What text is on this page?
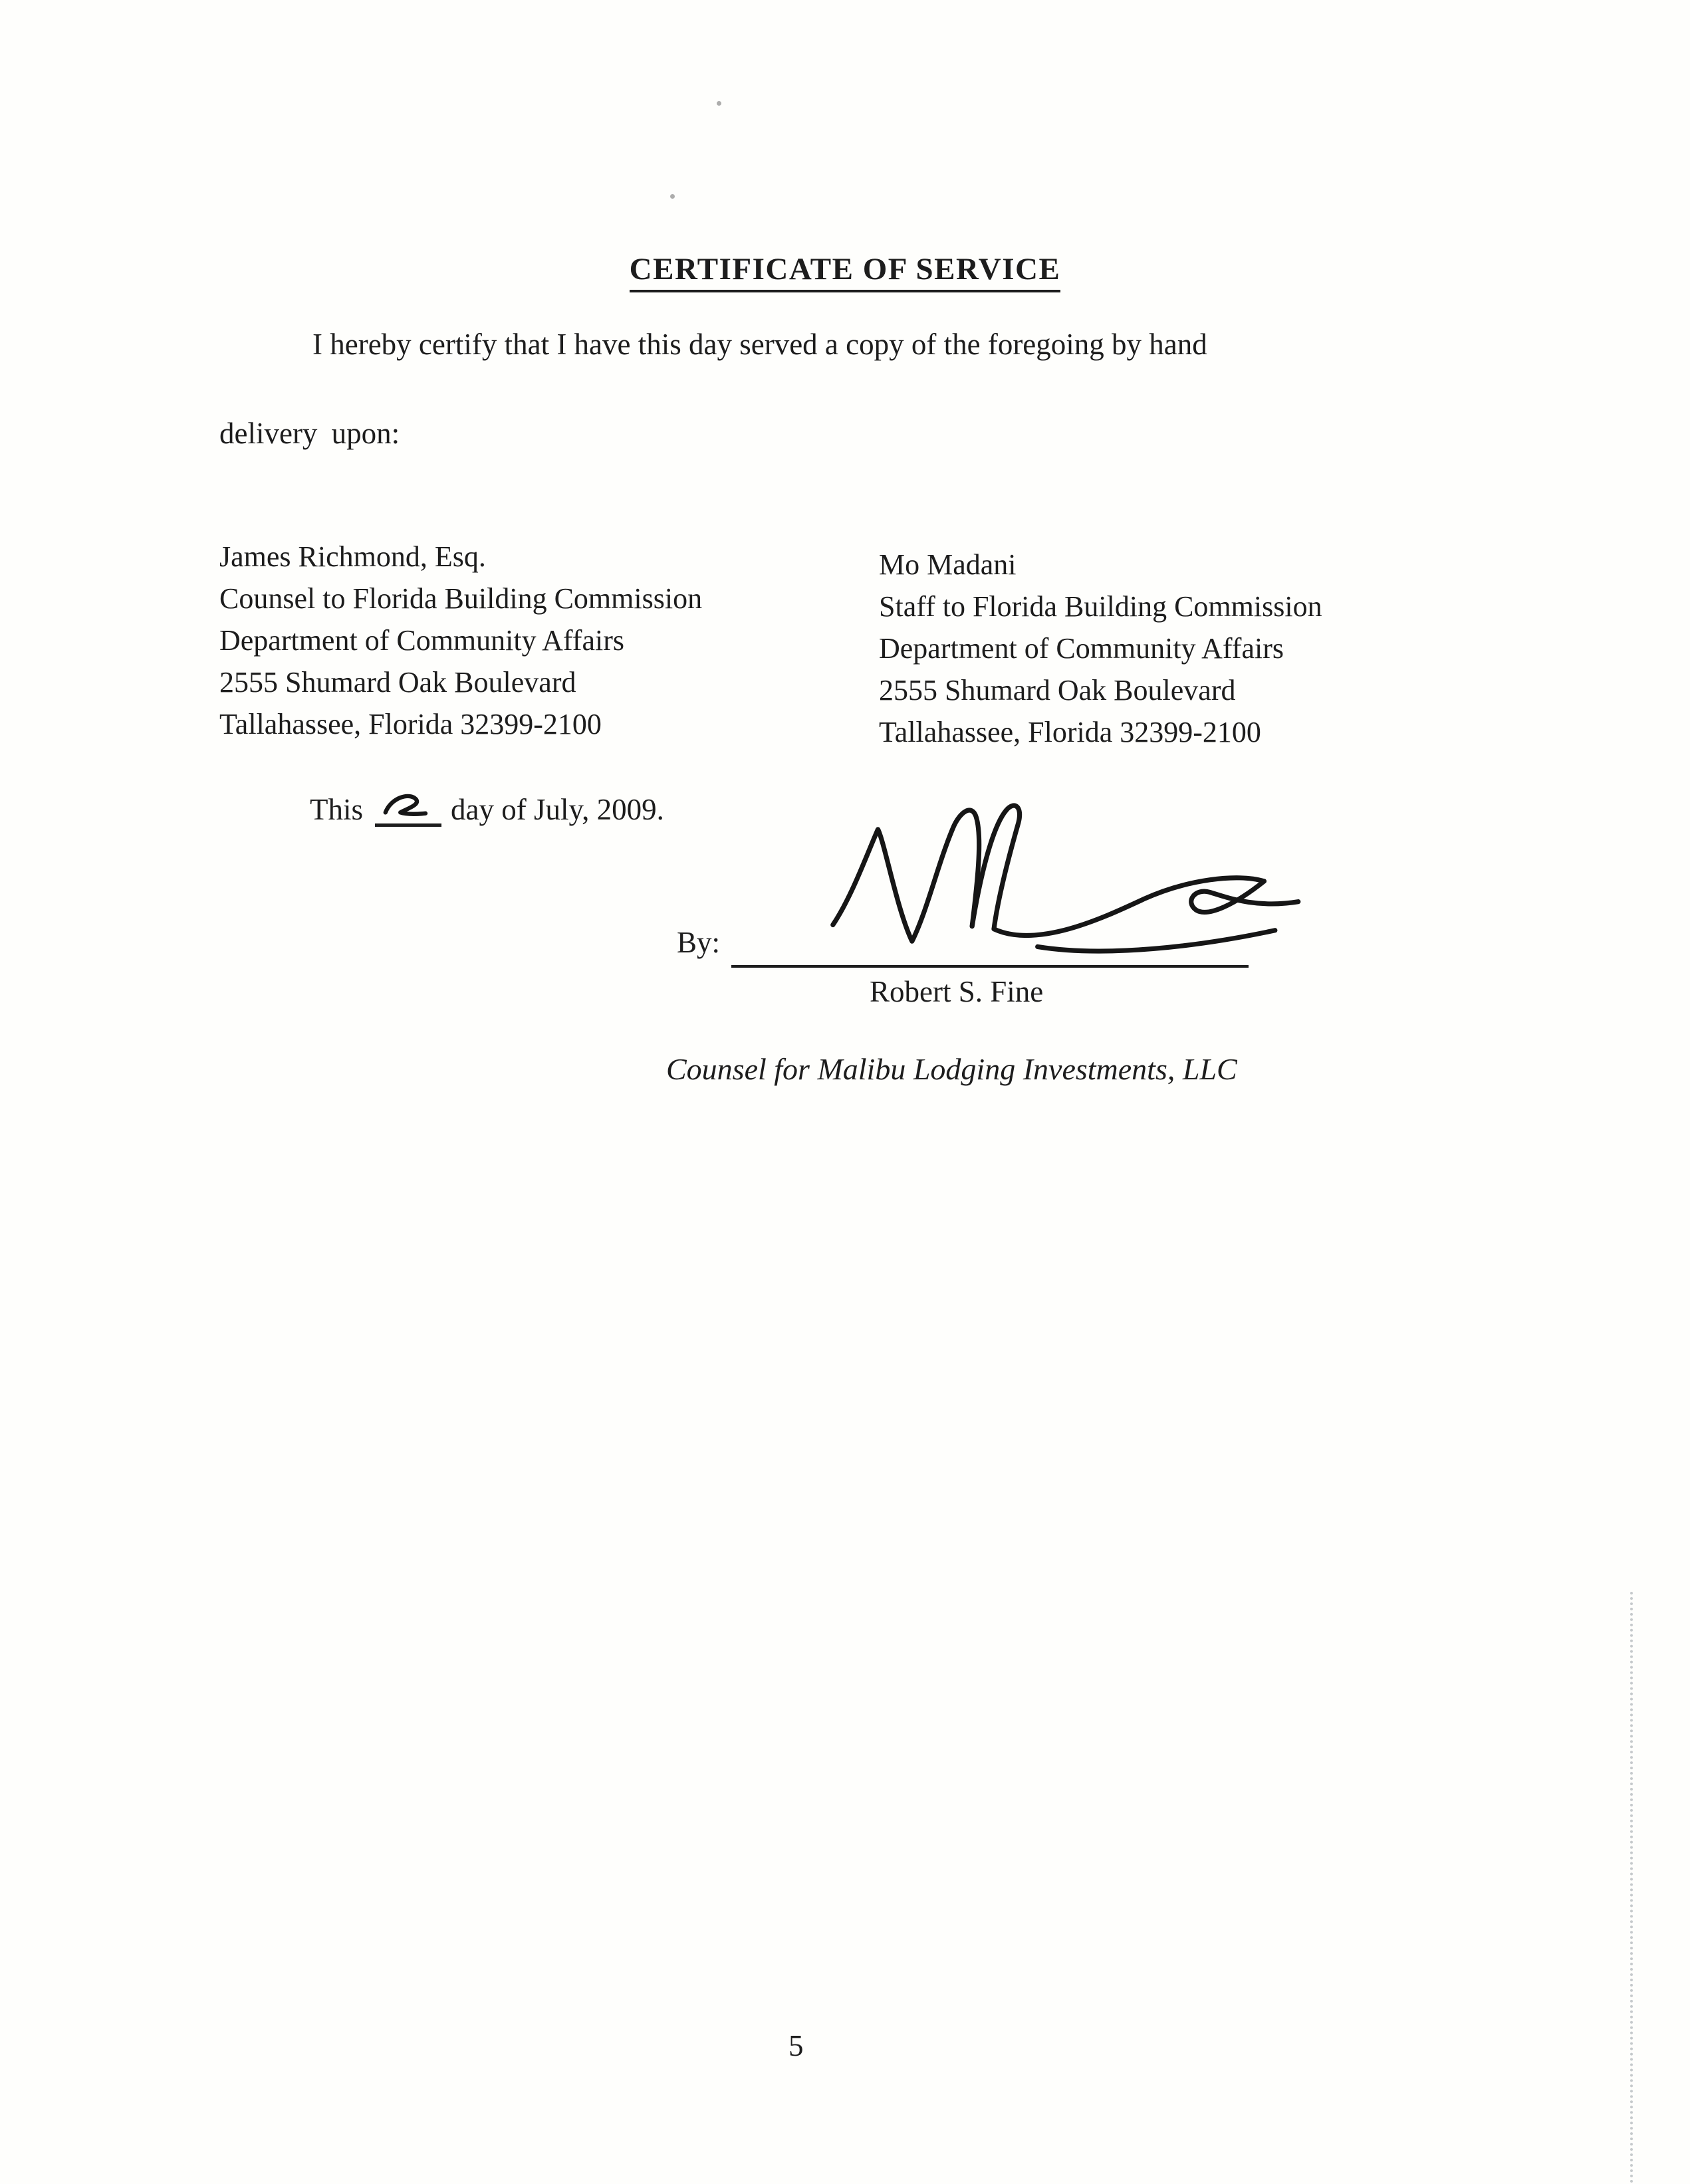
CERTIFICATE OF SERVICE
I hereby certify that I have this day served a copy of the foregoing by hand
delivery upon:
James Richmond, Esq.
Counsel to Florida Building Commission
Department of Community Affairs
2555 Shumard Oak Boulevard
Tallahassee, Florida 32399-2100
Mo Madani
Staff to Florida Building Commission
Department of Community Affairs
2555 Shumard Oak Boulevard
Tallahassee, Florida 32399-2100
This	day of July, 2009.
By:
Robert S. Fine
Counsel for Malibu Lodging Investments, LLC
5
